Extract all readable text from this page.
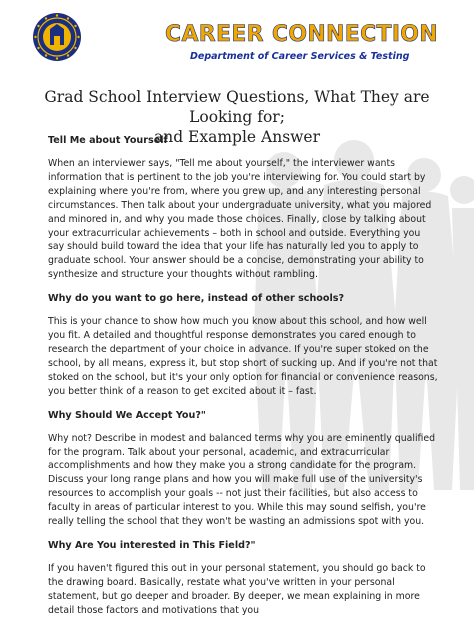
CAREER CONNECTION
Department of Career Services & Testing
Grad School Interview Questions, What They are Looking for;
and Example Answer

Tell Me about Yourself

When an interviewer says, "Tell me about yourself," the interviewer wants information that is pertinent to the job you're interviewing for. You could start by explaining where you're from, where you grew up, and any interesting personal circumstances. Then talk about your undergraduate university, what you majored and minored in, and why you made those choices. Finally, close by talking about your extracurricular achievements – both in school and outside. Everything you say should build toward the idea that your life has naturally led you to apply to graduate school. Your answer should be a concise, demonstrating your ability to synthesize and structure your thoughts without rambling.

Why do you want to go here, instead of other schools?

This is your chance to show how much you know about this school, and how well you fit. A detailed and thoughtful response demonstrates you cared enough to research the department of your choice in advance. If you're super stoked on the school, by all means, express it, but stop short of sucking up. And if you're not that stoked on the school, but it's your only option for financial or convenience reasons, you better think of a reason to get excited about it – fast.

Why Should We Accept You?"

Why not? Describe in modest and balanced terms why you are eminently qualified for the program. Talk about your personal, academic, and extracurricular accomplishments and how they make you a strong candidate for the program. Discuss your long range plans and how you will make full use of the university's resources to accomplish your goals -- not just their facilities, but also access to faculty in areas of particular interest to you. While this may sound selfish, you're really telling the school that they won't be wasting an admissions spot with you.

Why Are You interested in This Field?"

If you haven't figured this out in your personal statement, you should go back to the drawing board. Basically, restate what you've written in your personal statement, but go deeper and broader. By deeper, we mean explaining in more detail those factors and motivations that you
